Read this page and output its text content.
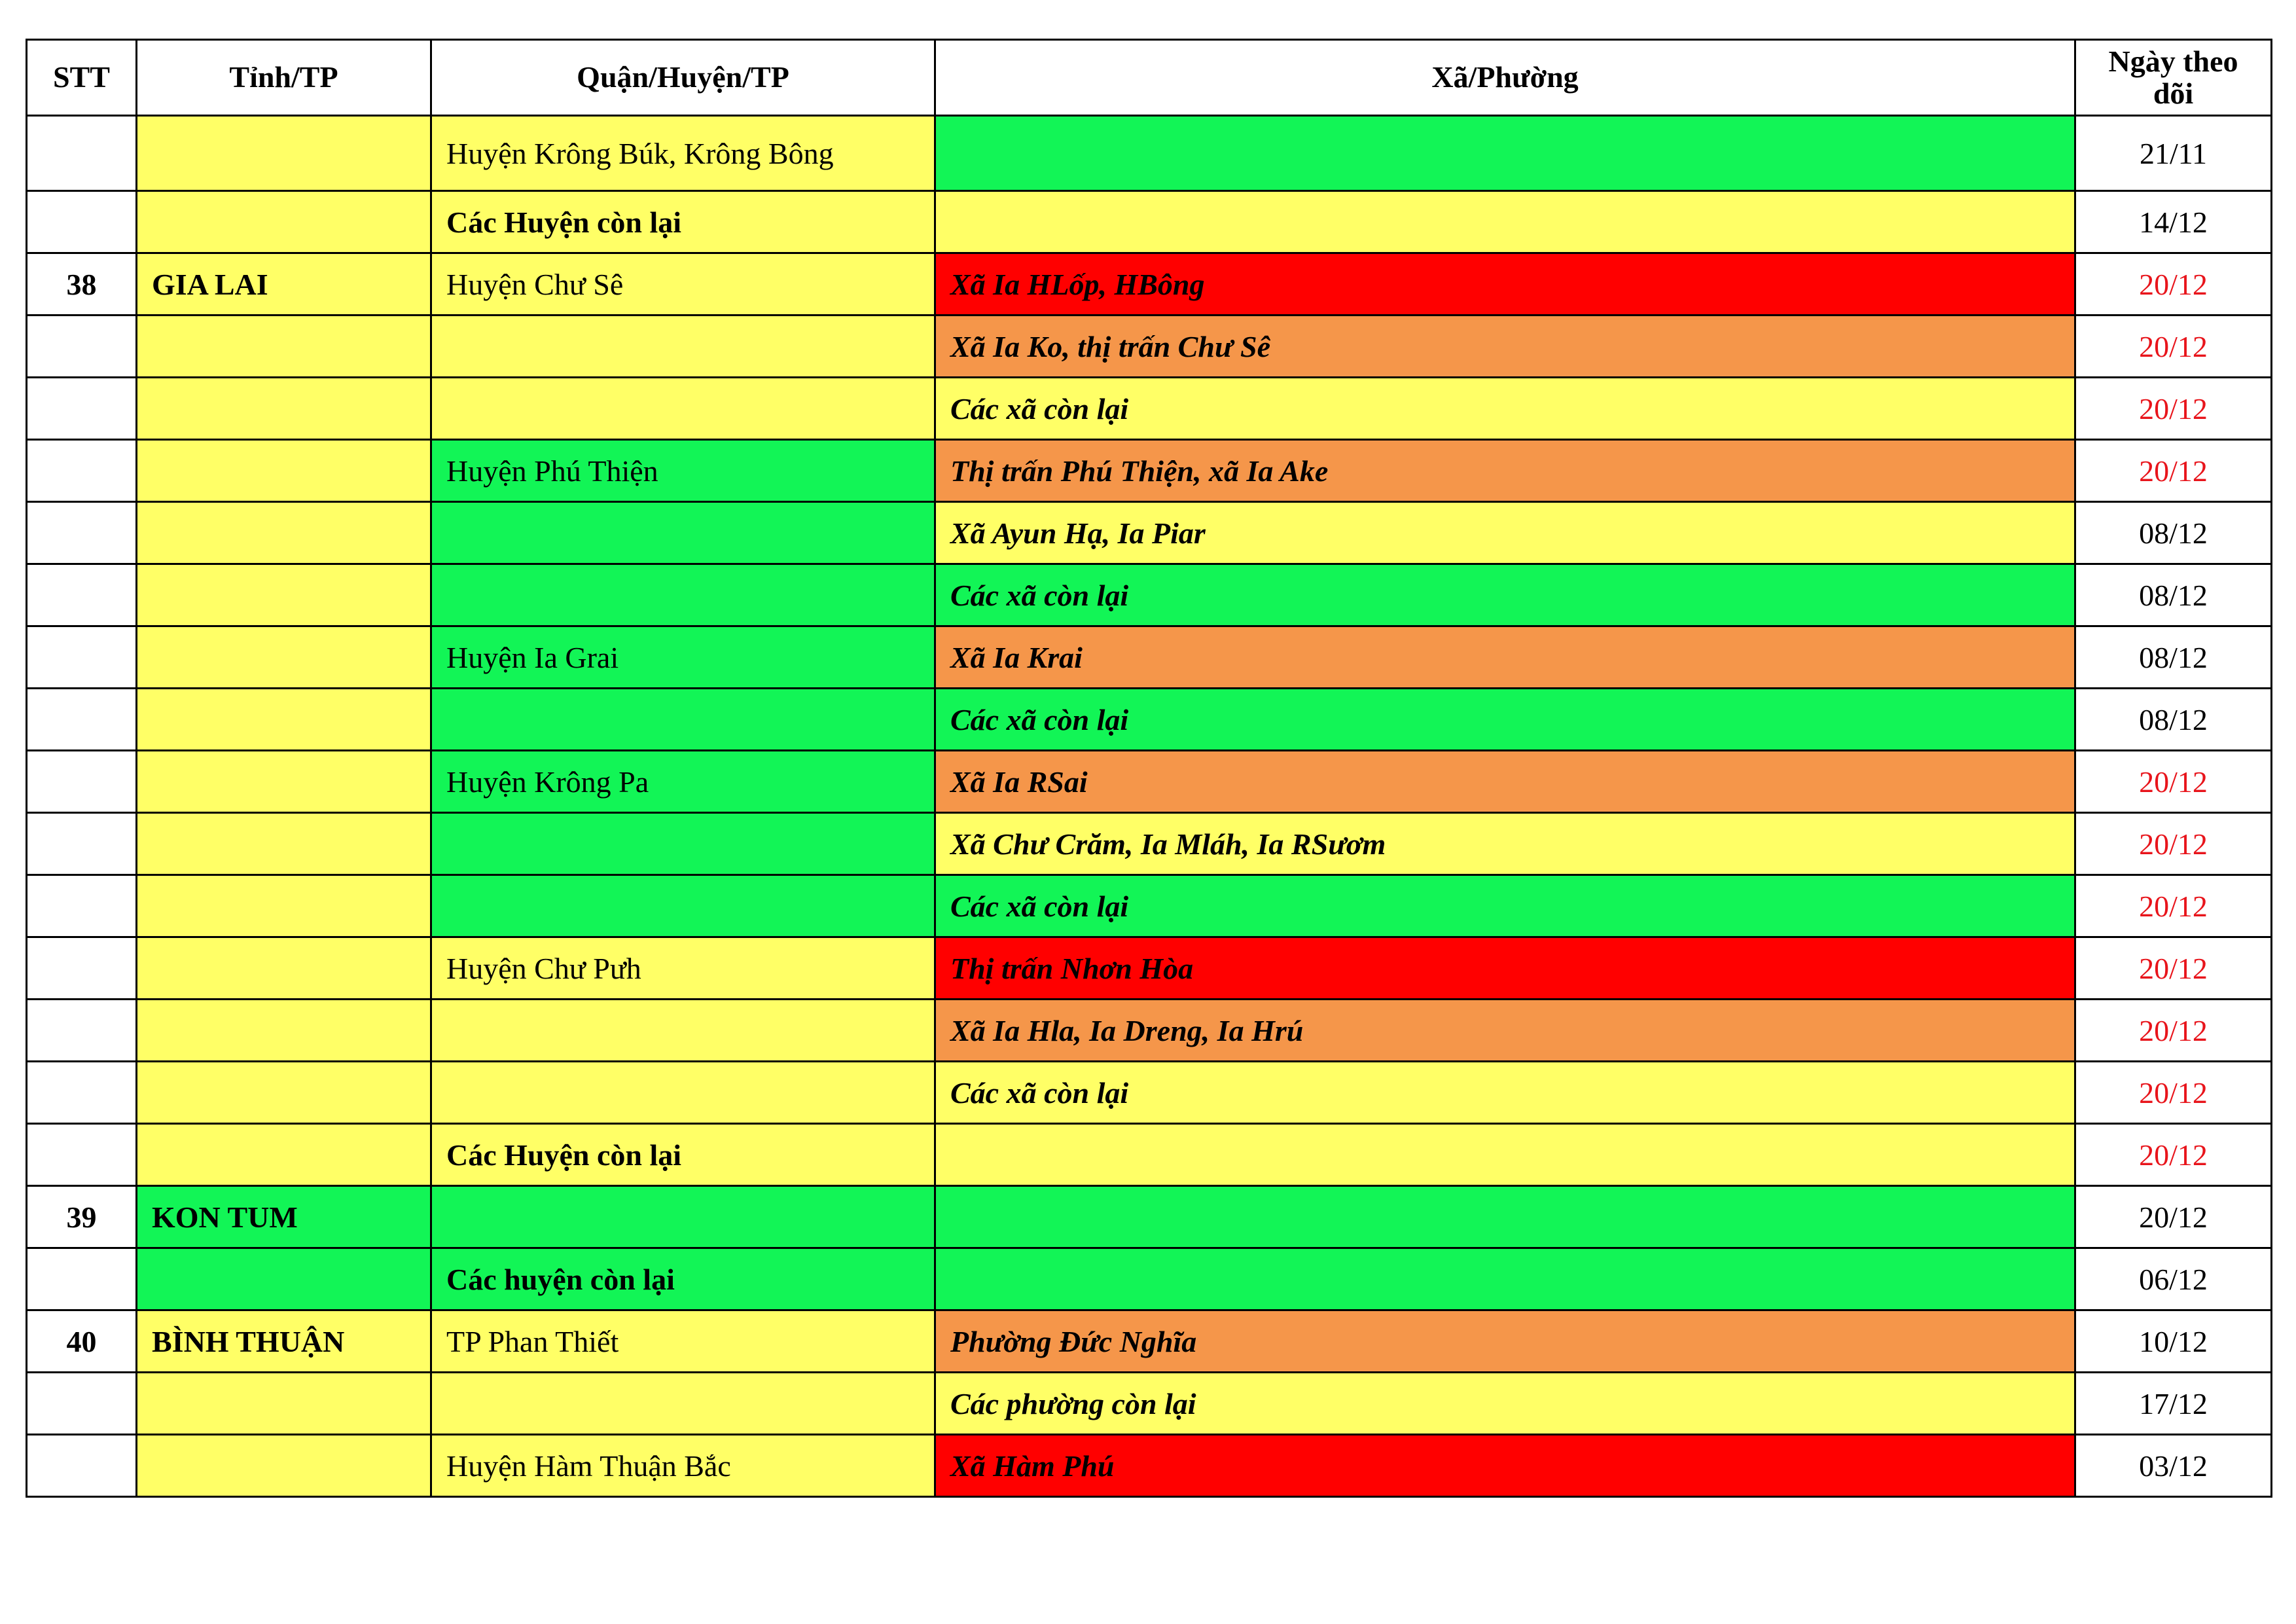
STT	Tỉnh/TP	Quận/Huyện/TP	Xã/Phường	Ngày theo dõi
		Huyện Krông Búk, Krông Bông		21/11
		Các Huyện còn lại		14/12
38	GIA LAI	Huyện Chư Sê	Xã Ia HLốp, HBông	20/12
			Xã Ia Ko, thị trấn Chư Sê	20/12
			Các xã còn lại	20/12
		Huyện Phú Thiện	Thị trấn Phú Thiện, xã Ia Ake	20/12
			Xã Ayun Hạ, Ia Piar	08/12
			Các xã còn lại	08/12
		Huyện Ia Grai	Xã Ia Krai	08/12
			Các xã còn lại	08/12
		Huyện Krông Pa	Xã Ia RSai	20/12
			Xã Chư Crăm, Ia Mláh, Ia RSươm	20/12
			Các xã còn lại	20/12
		Huyện Chư Pưh	Thị trấn Nhơn Hòa	20/12
			Xã Ia Hla, Ia Dreng, Ia Hrú	20/12
			Các xã còn lại	20/12
		Các Huyện còn lại		20/12
39	KON TUM			20/12
		Các huyện còn lại		06/12
40	BÌNH THUẬN	TP Phan Thiết	Phường Đức Nghĩa	10/12
			Các phường còn lại	17/12
		Huyện Hàm Thuận Bắc	Xã Hàm Phú	03/12
